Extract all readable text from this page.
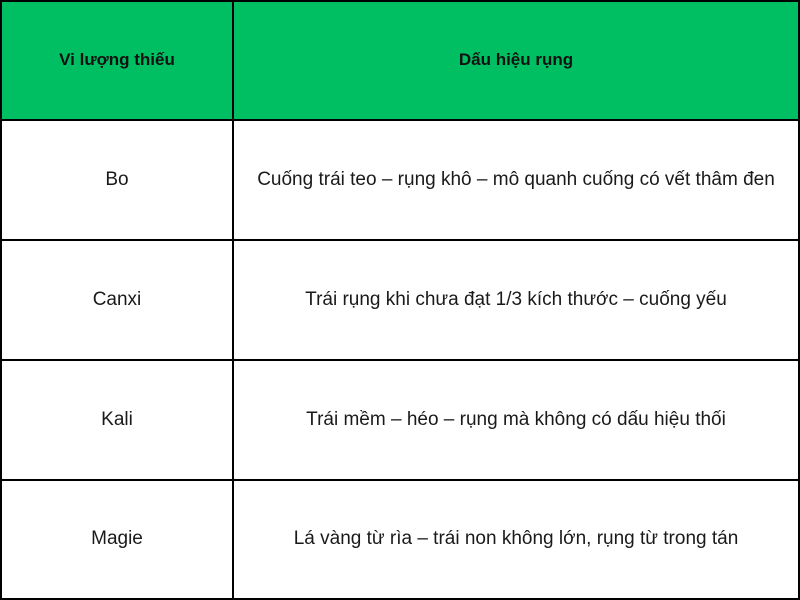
Vi lượng thiếu	Dấu hiệu rụng
Bo	Cuống trái teo – rụng khô – mô quanh cuống có vết thâm đen
Canxi	Trái rụng khi chưa đạt 1/3 kích thước – cuống yếu
Kali	Trái mềm – héo – rụng mà không có dấu hiệu thối
Magie	Lá vàng từ rìa – trái non không lớn, rụng từ trong tán
